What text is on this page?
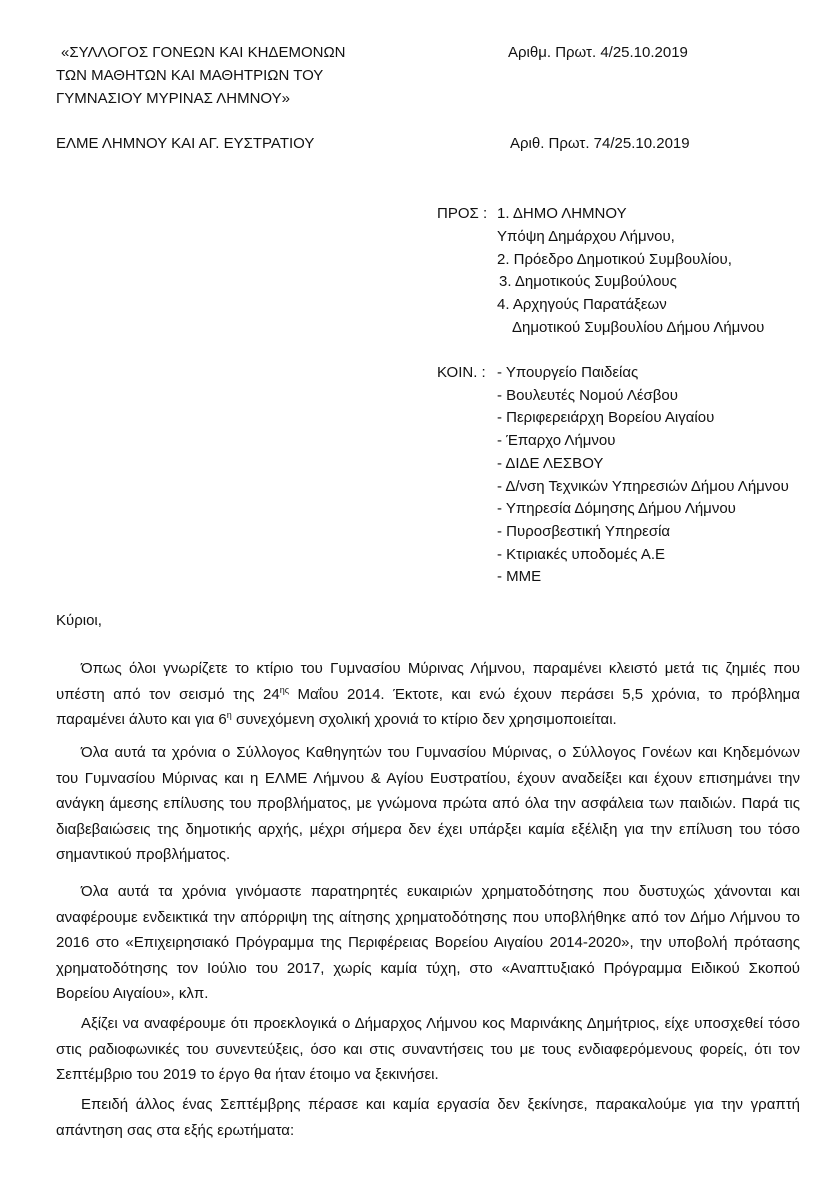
«ΣΥΛΛΟΓΟΣ ΓΟΝΕΩΝ ΚΑΙ ΚΗΔΕΜΟΝΩΝ
ΤΩΝ ΜΑΘΗΤΩΝ ΚΑΙ ΜΑΘΗΤΡΙΩΝ ΤΟΥ
ΓΥΜΝΑΣΙΟΥ ΜΥΡΙΝΑΣ ΛΗΜΝΟΥ»
Αριθμ. Πρωτ. 4/25.10.2019
ΕΛΜΕ ΛΗΜΝΟΥ ΚΑΙ ΑΓ. ΕΥΣΤΡΑΤΙΟΥ	Αριθ. Πρωτ. 74/25.10.2019
ΠΡΟΣ : 1. ΔΗΜΟ ΛΗΜΝΟΥ
Υπόψη Δημάρχου Λήμνου,
2. Πρόεδρο Δημοτικού Συμβουλίου,
3. Δημοτικούς Συμβούλους
4. Αρχηγούς Παρατάξεων
Δημοτικού Συμβουλίου Δήμου Λήμνου
ΚΟΙΝ. : - Υπουργείο Παιδείας
- Βουλευτές Νομού Λέσβου
- Περιφερειάρχη Βορείου Αιγαίου
- Έπαρχο Λήμνου
- ΔΙΔΕ ΛΕΣΒΟΥ
- Δ/νση Τεχνικών Υπηρεσιών Δήμου Λήμνου
- Υπηρεσία Δόμησης Δήμου Λήμνου
- Πυροσβεστική Υπηρεσία
- Κτιριακές υποδομές Α.Ε
- ΜΜΕ
Κύριοι,
Όπως όλοι γνωρίζετε το κτίριο του Γυμνασίου Μύρινας Λήμνου, παραμένει κλειστό μετά τις ζημιές που υπέστη από τον σεισμό της $24^{\eta\varsigma}$ Μαΐου 2014. Έκτοτε, και ενώ έχουν περάσει 5,5 χρόνια, το πρόβλημα παραμένει άλυτο και για $6^\eta$ συνεχόμενη σχολική χρονιά το κτίριο δεν χρησιμοποιείται.
Όλα αυτά τα χρόνια ο Σύλλογος Καθηγητών του Γυμνασίου Μύρινας, ο Σύλλογος Γονέων και Κηδεμόνων του Γυμνασίου Μύρινας και η ΕΛΜΕ Λήμνου & Αγίου Ευστρατίου, έχουν αναδείξει και έχουν επισημάνει την ανάγκη άμεσης επίλυσης του προβλήματος, με γνώμονα πρώτα από όλα την ασφάλεια των παιδιών. Παρά τις διαβεβαιώσεις της δημοτικής αρχής, μέχρι σήμερα δεν έχει υπάρξει καμία εξέλιξη για την επίλυση του τόσο σημαντικού προβλήματος.
Όλα αυτά τα χρόνια γινόμαστε παρατηρητές ευκαιριών χρηματοδότησης που δυστυχώς χάνονται και αναφέρουμε ενδεικτικά την απόρριψη της αίτησης χρηματοδότησης που υποβλήθηκε από τον Δήμο Λήμνου το 2016 στο «Επιχειρησιακό Πρόγραμμα της Περιφέρειας Βορείου Αιγαίου 2014-2020», την υποβολή πρότασης χρηματοδότησης τον Ιούλιο του 2017, χωρίς καμία τύχη, στο «Αναπτυξιακό Πρόγραμμα Ειδικού Σκοπού Βορείου Αιγαίου», κλπ.
Αξίζει να αναφέρουμε ότι προεκλογικά ο Δήμαρχος Λήμνου κος Μαρινάκης Δημήτριος, είχε υποσχεθεί τόσο στις ραδιοφωνικές του συνεντεύξεις, όσο και στις συναντήσεις του με τους ενδιαφερόμενους φορείς, ότι τον Σεπτέμβριο του 2019 το έργο θα ήταν έτοιμο να ξεκινήσει.
Επειδή άλλος ένας Σεπτέμβρης πέρασε και καμία εργασία δεν ξεκίνησε, παρακαλούμε για την γραπτή απάντηση σας στα εξής ερωτήματα:
